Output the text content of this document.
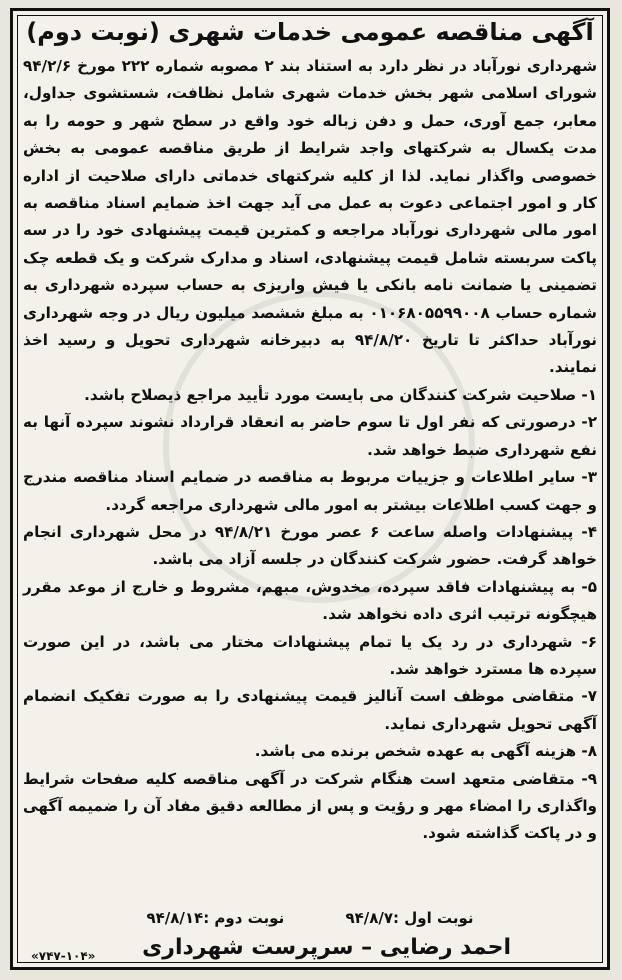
آگهی مناقصه عمومی خدمات شهری (نوبت دوم)

شهرداری نورآباد در نظر دارد به استناد بند ۲ مصوبه شماره ۲۲۲ مورخ ۹۴/۲/۶ شورای اسلامی شهر بخش خدمات شهری شامل نظافت، شستشوی جداول، معابر، جمع آوری، حمل و دفن زباله خود واقع در سطح شهر و حومه را به مدت یکسال به شرکتهای واجد شرایط از طریق مناقصه عمومی به بخش خصوصی واگذار نماید. لذا از کلیه شرکتهای خدماتی دارای صلاحیت از اداره کار و امور اجتماعی دعوت به عمل می آید جهت اخذ ضمایم اسناد مناقصه به امور مالی شهرداری نورآباد مراجعه و کمترین قیمت پیشنهادی خود را در سه پاکت سربسته شامل قیمت پیشنهادی، اسناد و مدارک شرکت و یک قطعه چک تضمینی یا ضمانت نامه بانکی یا فیش واریزی به حساب سپرده شهرداری به شماره حساب ۰۱۰۶۸۰۵۵۹۹۰۰۸ به مبلغ ششصد میلیون ریال در وجه شهرداری نورآباد حداکثر تا تاریخ ۹۴/۸/۲۰ به دبیرخانه شهرداری تحویل و رسید اخذ نمایند.

۱- صلاحیت شرکت کنندگان می بایست مورد تأیید مراجع ذیصلاح باشد.

۲- درصورتی که نفر اول تا سوم حاضر به انعقاد قرارداد نشوند سپرده آنها به نفع شهرداری ضبط خواهد شد.

۳- سایر اطلاعات و جزییات مربوط به مناقصه در ضمایم اسناد مناقصه مندرج و جهت کسب اطلاعات بیشتر به امور مالی شهرداری مراجعه گردد.

۴- پیشنهادات واصله ساعت ۶ عصر مورخ ۹۴/۸/۲۱ در محل شهرداری انجام خواهد گرفت. حضور شرکت کنندگان در جلسه آزاد می باشد.

۵- به پیشنهادات فاقد سپرده، مخدوش، مبهم، مشروط و خارج از موعد مقرر هیچگونه ترتیب اثری داده نخواهد شد.

۶- شهرداری در رد یک یا تمام پیشنهادات مختار می باشد، در این صورت سپرده ها مسترد خواهد شد.

۷- متقاضی موظف است آنالیز قیمت پیشنهادی را به صورت تفکیک انضمام آگهی تحویل شهرداری نماید.

۸- هزینه آگهی به عهده شخص برنده می باشد.

۹- متقاضی متعهد است هنگام شرکت در آگهی مناقصه کلیه صفحات شرایط واگذاری را امضاء مهر و رؤیت و پس از مطالعه دقیق مفاد آن را ضمیمه آگهی و در پاکت گذاشته شود.

نوبت اول :۹۴/۸/۷ نوبت دوم :۹۴/۸/۱۴
«۷۴۷-۱۰۴» احمد رضایی – سرپرست شهرداری
